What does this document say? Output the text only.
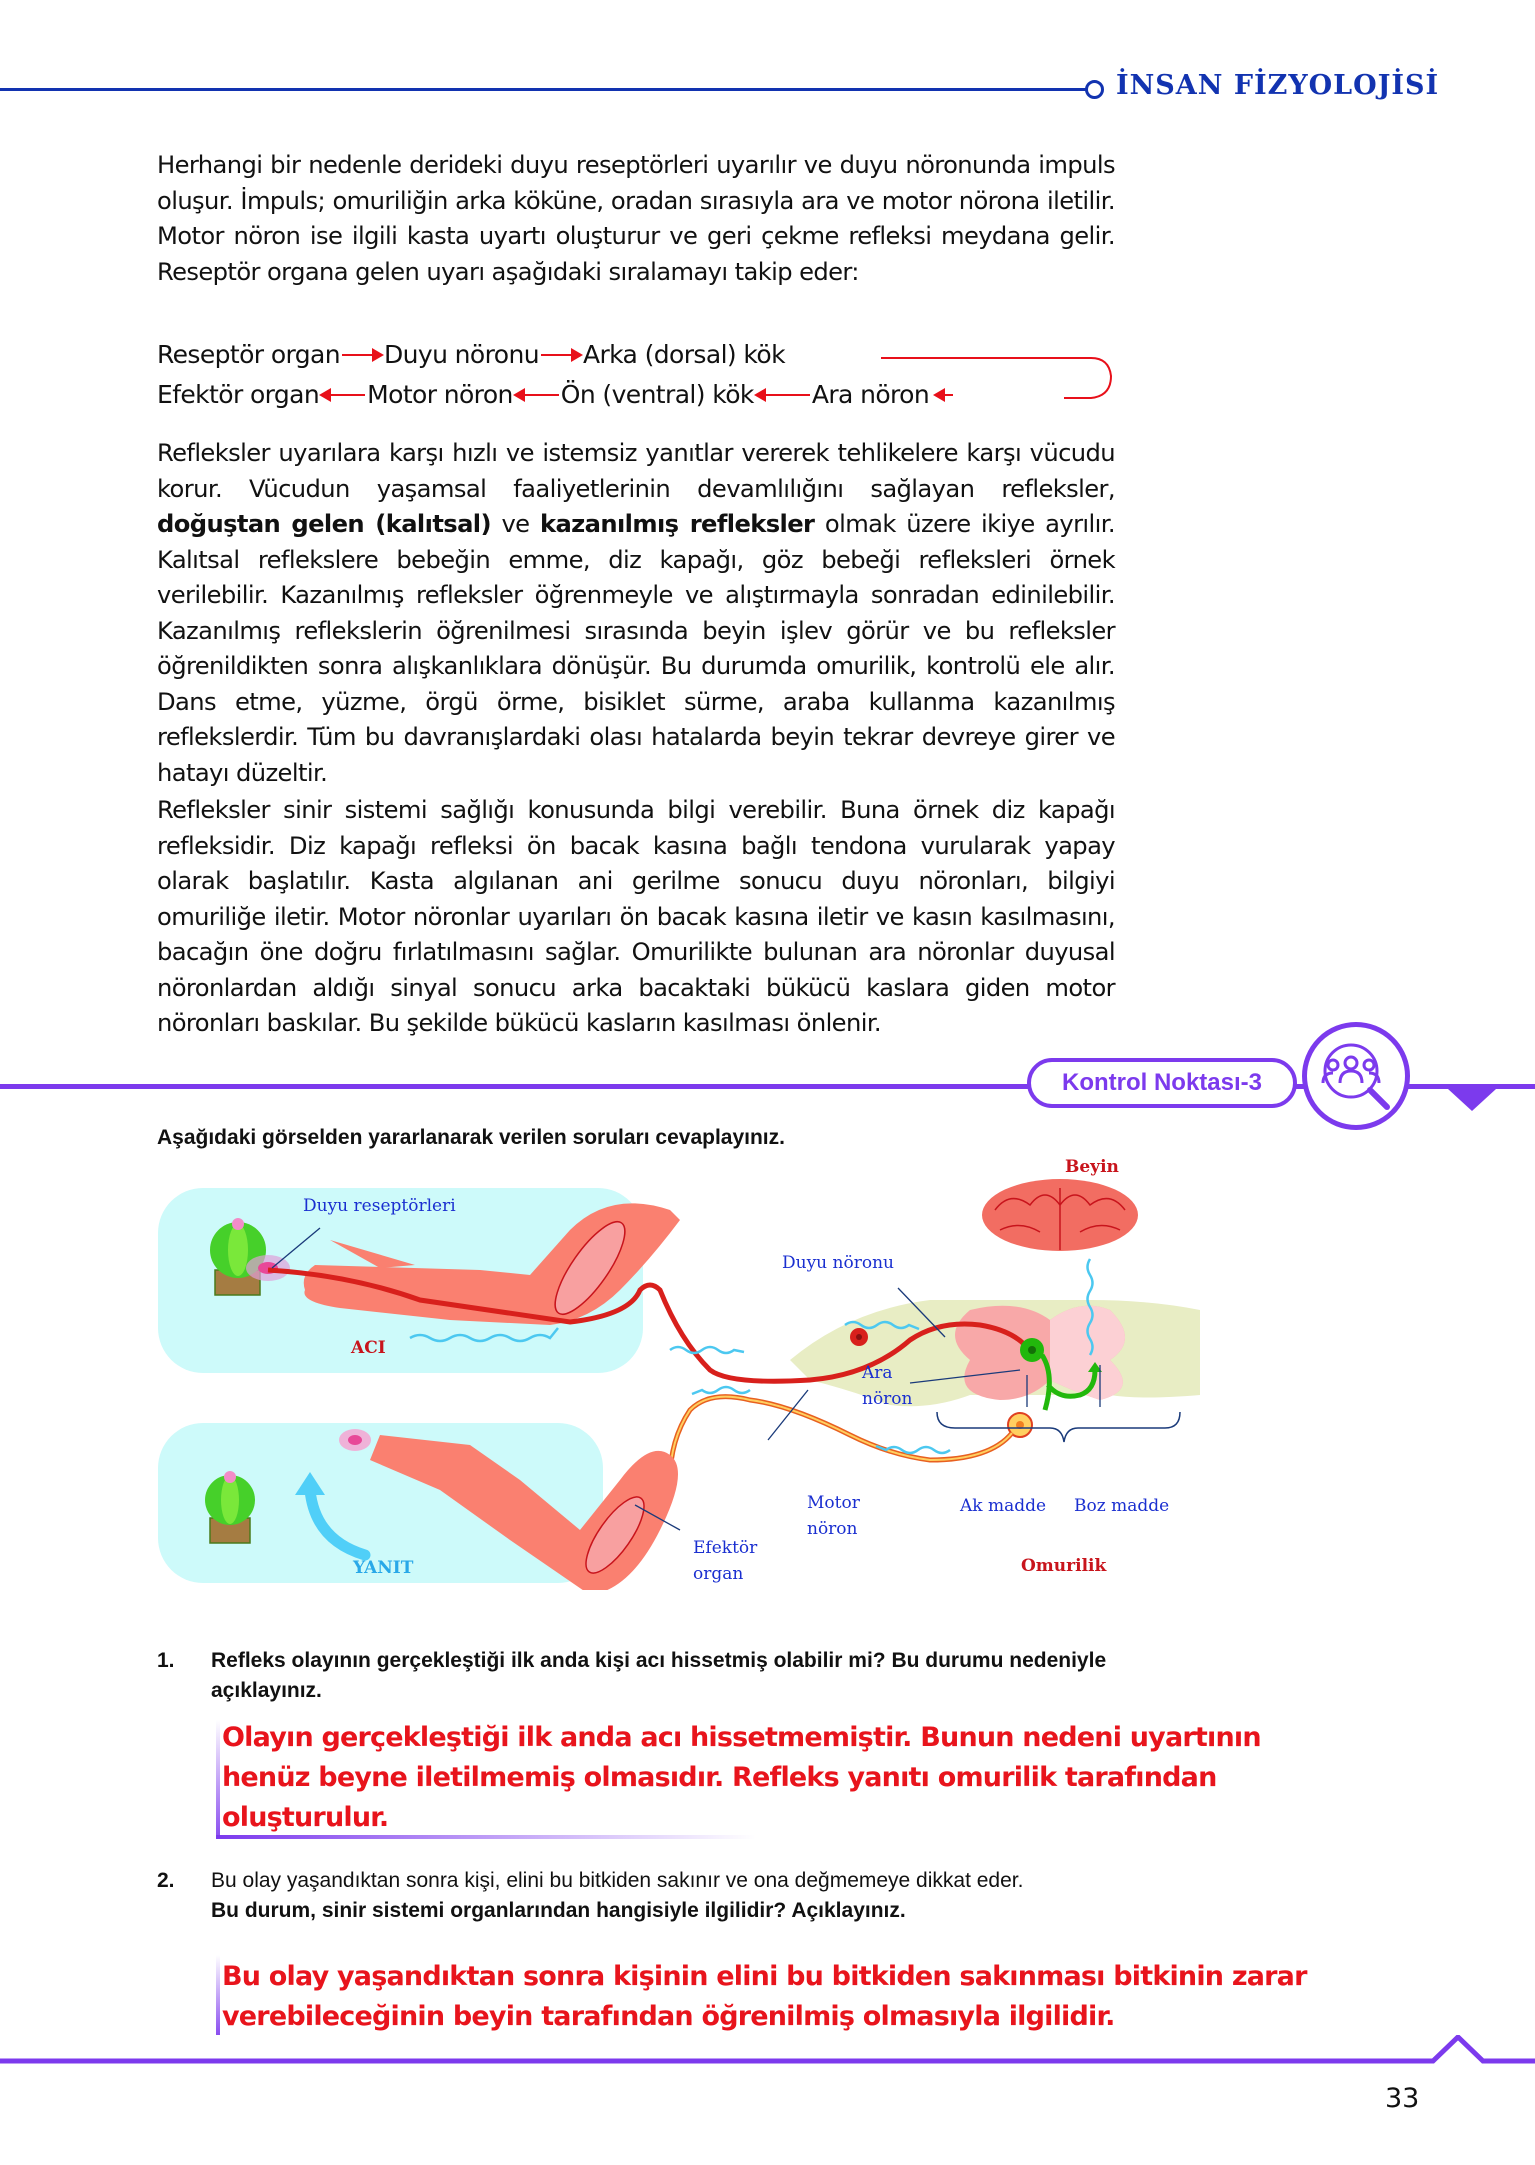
İNSAN FİZYOLOJİSİ
Herhangi bir nedenle derideki duyu reseptörleri uyarılır ve duyu nöronunda impuls oluşur. İmpuls; omuriliğin arka köküne, oradan sırasıyla ara ve motor nörona iletilir. Motor nöron ise ilgili kasta uyartı oluşturur ve geri çekme refleksi meydana gelir. Reseptör organa gelen uyarı aşağıdaki sıralamayı takip eder:
Reseptör organ Duyu nöronu Arka (dorsal) kök
Efektör organ Motor nöron Ön (ventral) kök Ara nöron
Refleksler uyarılara karşı hızlı ve istemsiz yanıtlar vererek tehlikelere karşı vücudu korur. Vücudun yaşamsal faaliyetlerinin devamlılığını sağlayan refleksler, doğuştan gelen (kalıtsal) ve kazanılmış refleksler olmak üzere ikiye ayrılır. Kalıtsal reflekslere bebeğin emme, diz kapağı, göz bebeği refleksleri örnek verilebilir. Kazanılmış refleksler öğrenmeyle ve alıştırmayla sonradan edinilebilir. Kazanılmış reflekslerin öğrenilmesi sırasında beyin işlev görür ve bu refleksler öğrenildikten sonra alışkanlıklara dönüşür. Bu durumda omurilik, kontrolü ele alır. Dans etme, yüzme, örgü örme, bisiklet sürme, araba kullanma kazanılmış reflekslerdir. Tüm bu davranışlardaki olası hatalarda beyin tekrar devreye girer ve hatayı düzeltir.
Refleksler sinir sistemi sağlığı konusunda bilgi verebilir. Buna örnek diz kapağı refleksidir. Diz kapağı refleksi ön bacak kasına bağlı tendona vurularak yapay olarak başlatılır. Kasta algılanan ani gerilme sonucu duyu nöronları, bilgiyi omuriliğe iletir. Motor nöronlar uyarıları ön bacak kasına iletir ve kasın kasılmasını, bacağın öne doğru fırlatılmasını sağlar. Omurilikte bulunan ara nöronlar duyusal nöronlardan aldığı sinyal sonucu arka bacaktaki bükücü kaslara giden motor nöronları baskılar. Bu şekilde bükücü kasların kasılması önlenir.
Kontrol Noktası-3
Aşağıdaki görselden yararlanarak verilen soruları cevaplayınız.
Duyu reseptörleri
ACI
YANIT
Beyin
Duyu nöronu
Ara
nöron
Motor
nöron
Efektör
organ
Ak madde Boz madde
Omurilik
1. Refleks olayının gerçekleştiği ilk anda kişi acı hissetmiş olabilir mi? Bu durumu nedeniyle açıklayınız.
Olayın gerçekleştiği ilk anda acı hissetmemiştir. Bunun nedeni uyartının henüz beyne iletilmemiş olmasıdır. Refleks yanıtı omurilik tarafından oluşturulur.
2. Bu olay yaşandıktan sonra kişi, elini bu bitkiden sakınır ve ona değmemeye dikkat eder.
Bu durum, sinir sistemi organlarından hangisiyle ilgilidir? Açıklayınız.
Bu olay yaşandıktan sonra kişinin elini bu bitkiden sakınması bitkinin zarar verebileceğinin beyin tarafından öğrenilmiş olmasıyla ilgilidir.
33
